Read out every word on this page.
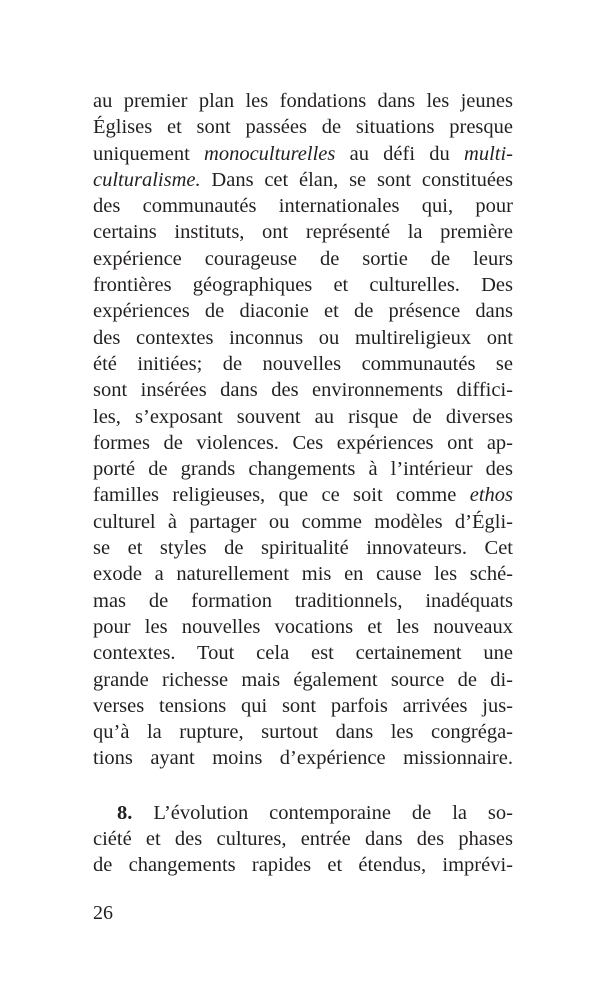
au premier plan les fondations dans les jeunes
Églises et sont passées de situations presque
uniquement monoculturelles au défi du multi-
culturalisme. Dans cet élan, se sont constituées
des communautés internationales qui, pour
certains instituts, ont représenté la première
expérience courageuse de sortie de leurs
frontières géographiques et culturelles. Des
expériences de diaconie et de présence dans
des contextes inconnus ou multireligieux ont
été initiées; de nouvelles communautés se
sont insérées dans des environnements diffici-
les, s’exposant souvent au risque de diverses
formes de violences. Ces expériences ont ap-
porté de grands changements à l’intérieur des
familles religieuses, que ce soit comme ethos
culturel à partager ou comme modèles d’Égli-
se et styles de spiritualité innovateurs. Cet
exode a naturellement mis en cause les sché-
mas de formation traditionnels, inadéquats
pour les nouvelles vocations et les nouveaux
contextes. Tout cela est certainement une
grande richesse mais également source de di-
verses tensions qui sont parfois arrivées jus-
qu’à la rupture, surtout dans les congréga-
tions ayant moins d’expérience missionnaire.
8. L’évolution contemporaine de la so-
ciété et des cultures, entrée dans des phases
de changements rapides et étendus, imprévi-
26
